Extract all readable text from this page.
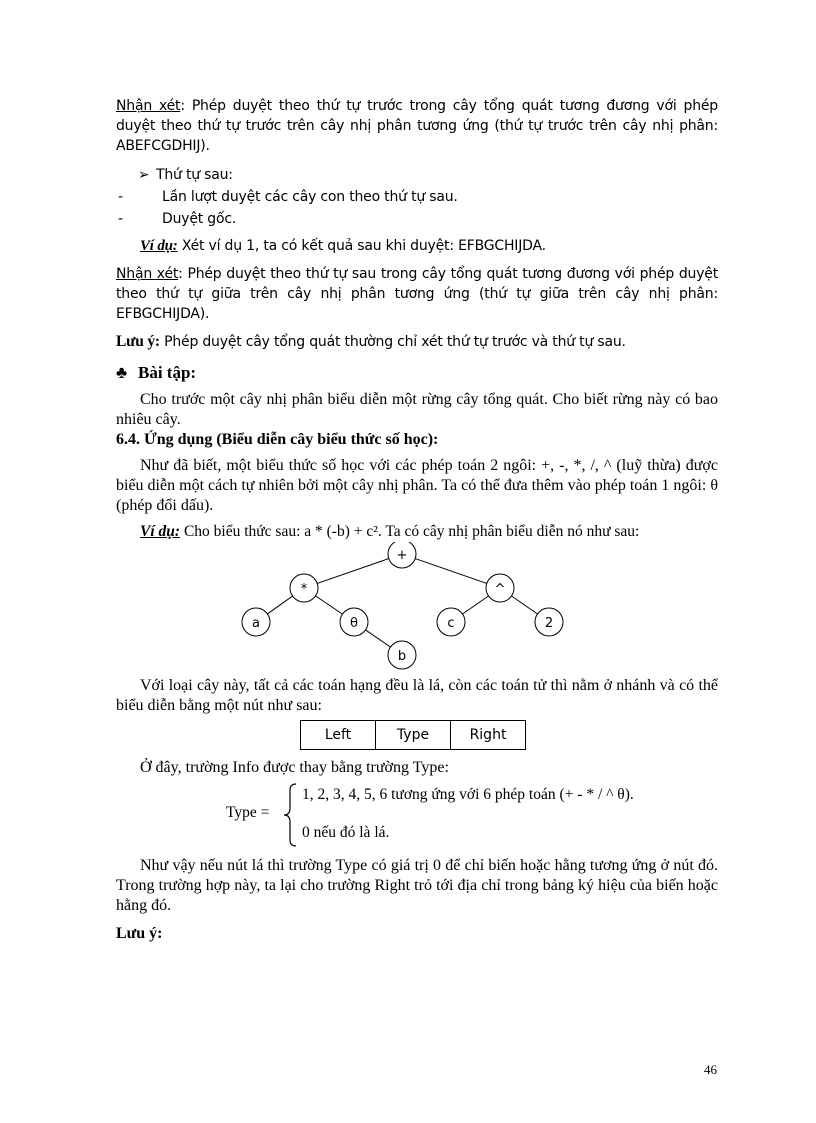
Nhận xét: Phép duyệt theo thứ tự trước trong cây tổng quát tương đương với phép duyệt theo thứ tự trước trên cây nhị phân tương ứng (thứ tự trước trên cây nhị phân: ABEFCGDHIJ).

➢ Thứ tự sau:
-	Lần lượt duyệt các cây con theo thứ tự sau.
-	Duyệt gốc.

Ví dụ: Xét ví dụ 1, ta có kết quả sau khi duyệt: EFBGCHIJDA.

Nhận xét: Phép duyệt theo thứ tự sau trong cây tổng quát tương đương với phép duyệt theo thứ tự giữa trên cây nhị phân tương ứng (thứ tự giữa trên cây nhị phân: EFBGCHIJDA).

Lưu ý: Phép duyệt cây tổng quát thường chỉ xét thứ tự trước và thứ tự sau.

♣ Bài tập:

Cho trước một cây nhị phân biểu diễn một rừng cây tổng quát. Cho biết rừng này có bao nhiêu cây.

6.4. Ứng dụng (Biểu diễn cây biểu thức số học):

Như đã biết, một biểu thức số học với các phép toán 2 ngôi: +, -, *, /, ^ (luỹ thừa) được biểu diễn một cách tự nhiên bởi một cây nhị phân. Ta có thể đưa thêm vào phép toán 1 ngôi: θ (phép đổi dấu).

Ví dụ: Cho biểu thức sau: a * (-b) + c². Ta có cây nhị phân biểu diễn nó như sau:

+
*	^
a	θ	c	2
b

Với loại cây này, tất cả các toán hạng đều là lá, còn các toán tử thì nằm ở nhánh và có thể biểu diễn bằng một nút như sau:

Left	Type	Right

Ở đây, trường Info được thay bằng trường Type:

Type =
1, 2, 3, 4, 5, 6 tương ứng với 6 phép toán (+ - * / ^ θ).
0 nếu đó là lá.

Như vậy nếu nút lá thì trường Type có giá trị 0 để chỉ biến hoặc hằng tương ứng ở nút đó. Trong trường hợp này, ta lại cho trường Right trỏ tới địa chỉ trong bảng ký hiệu của biến hoặc hằng đó.

Lưu ý:

46
